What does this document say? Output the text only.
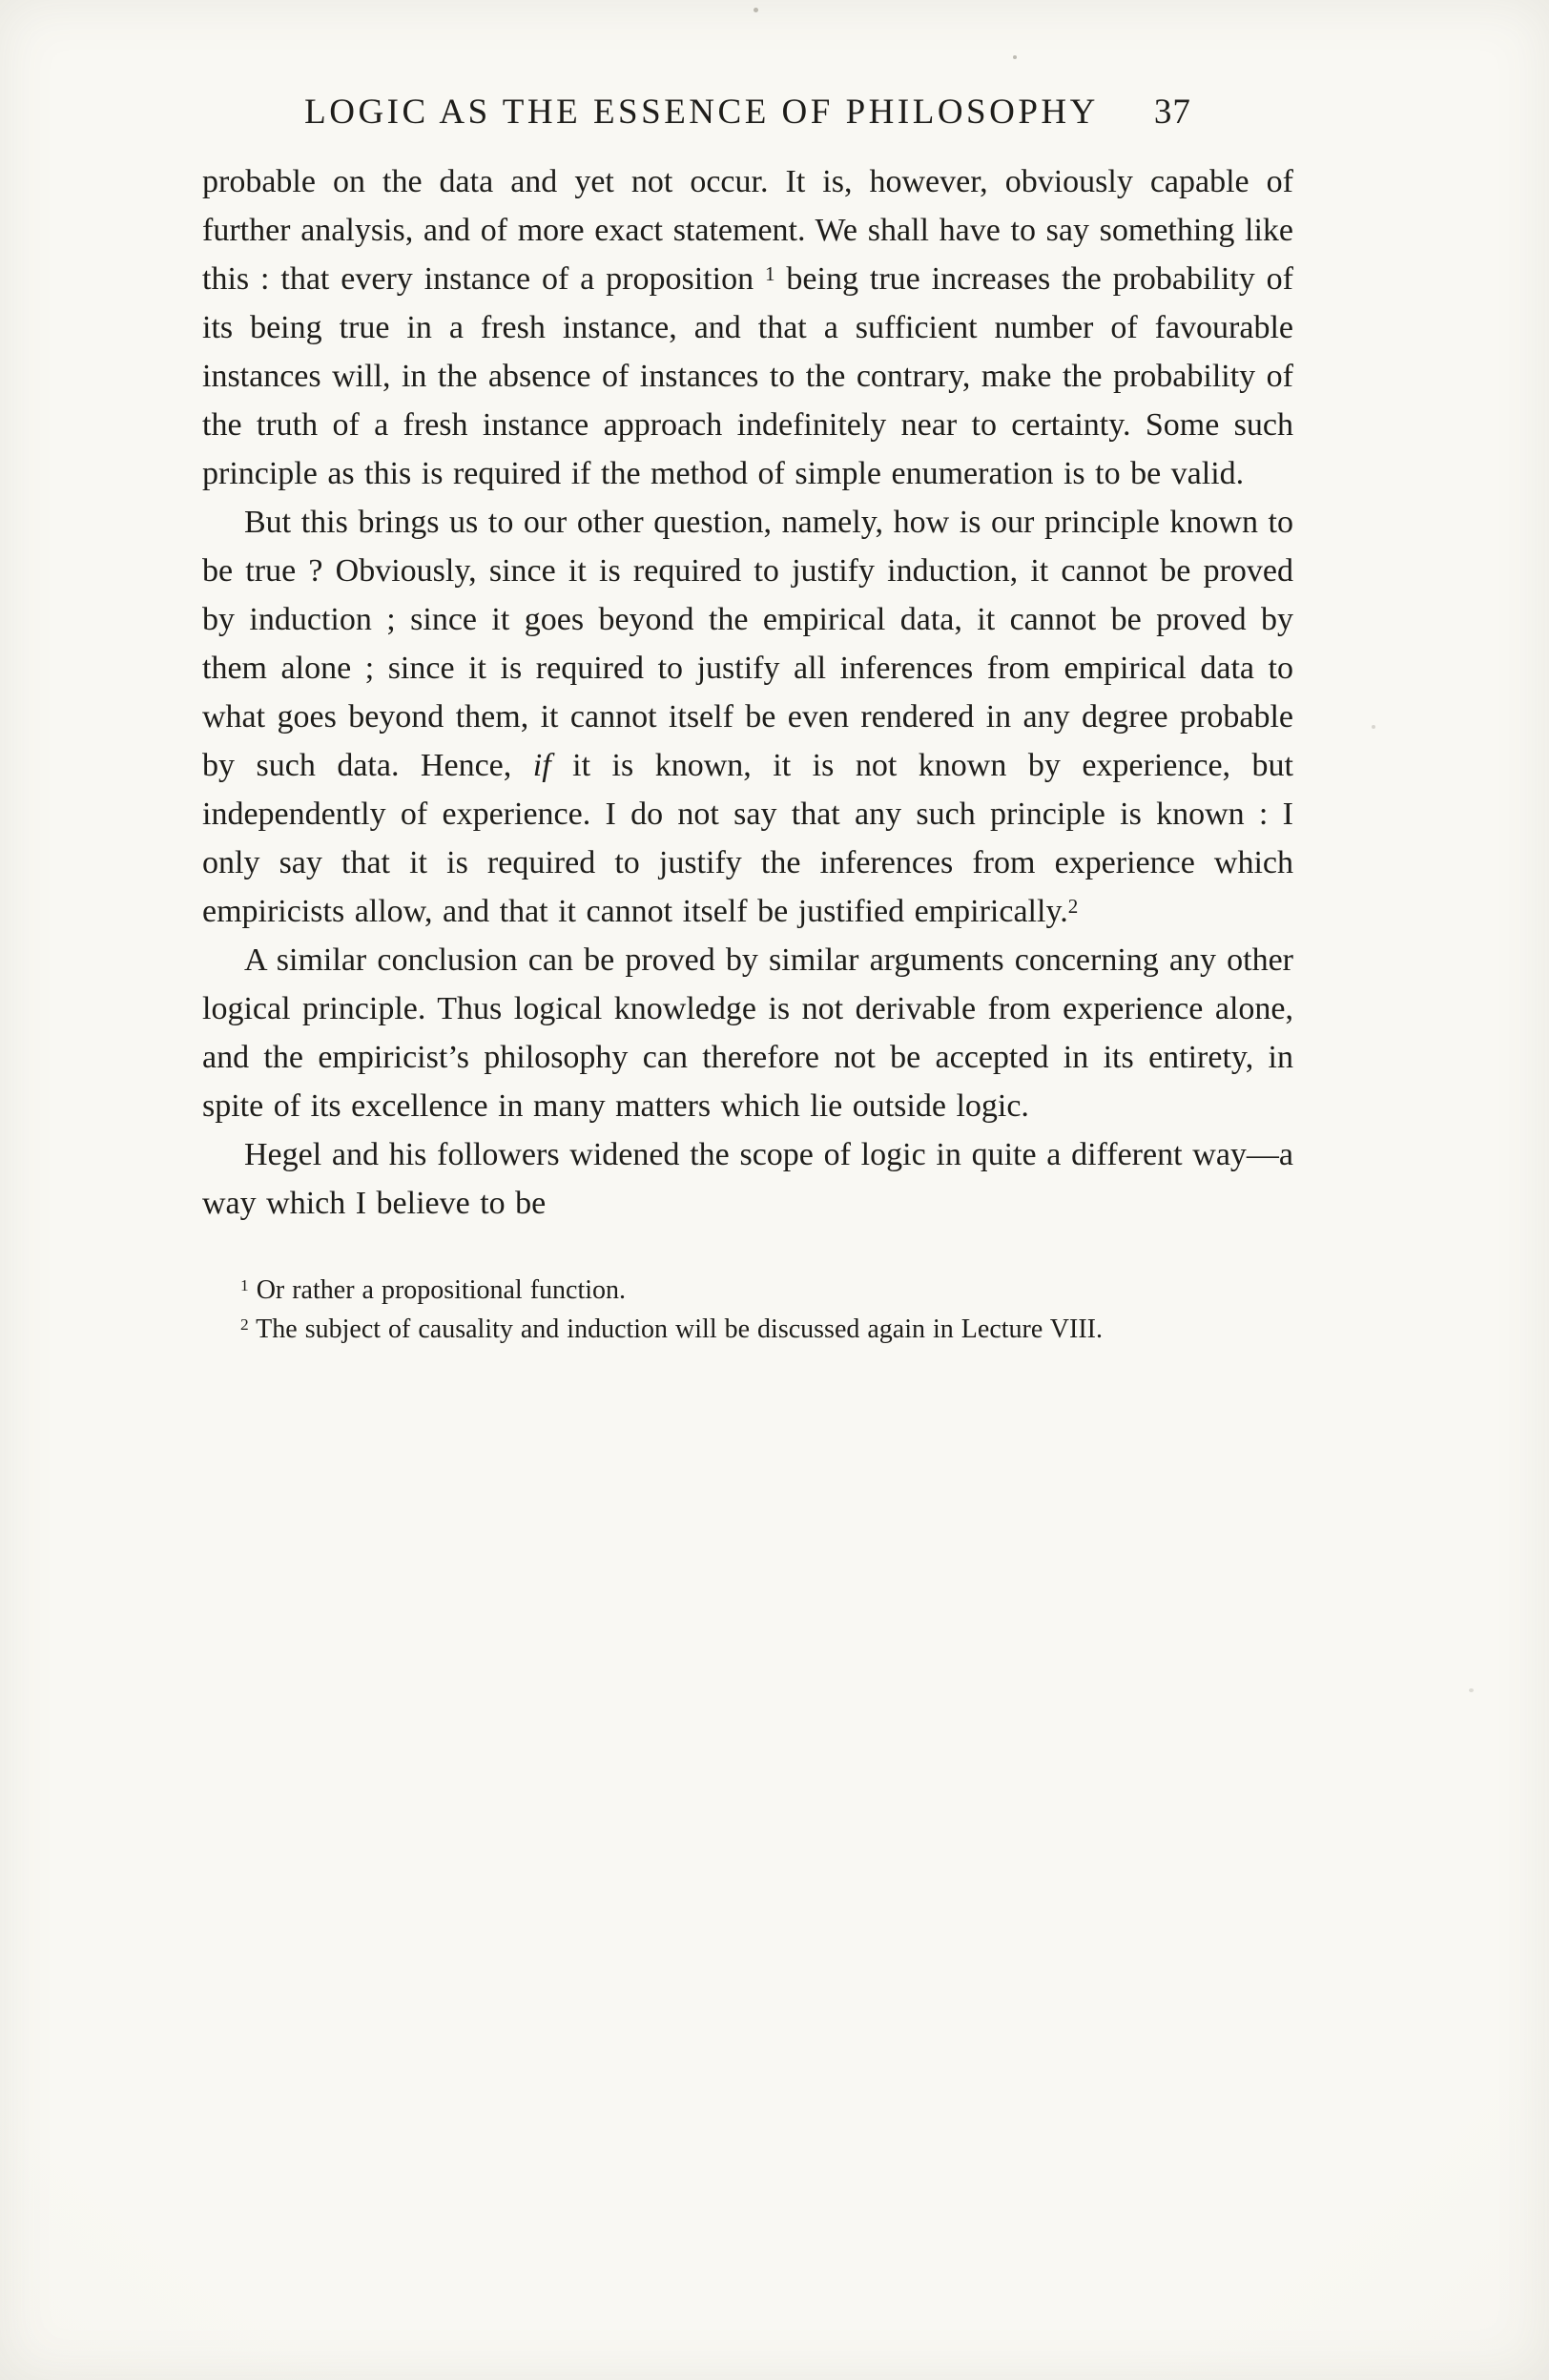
LOGIC AS THE ESSENCE OF PHILOSOPHY 37

probable on the data and yet not occur. It is, however, obviously capable of further analysis, and of more exact statement. We shall have to say something like this : that every instance of a proposition $^1$ being true increases the probability of its being true in a fresh instance, and that a sufficient number of favourable instances will, in the absence of instances to the contrary, make the probability of the truth of a fresh instance approach indefinitely near to certainty. Some such principle as this is required if the method of simple enumeration is to be valid.

But this brings us to our other question, namely, how is our principle known to be true ? Obviously, since it is required to justify induction, it cannot be proved by induction ; since it goes beyond the empirical data, it cannot be proved by them alone ; since it is required to justify all inferences from empirical data to what goes beyond them, it cannot itself be even rendered in any degree probable by such data. Hence, if it is known, it is not known by experience, but independently of experience. I do not say that any such principle is known : I only say that it is required to justify the inferences from experience which empiricists allow, and that it cannot itself be justified empirically.$^2$

A similar conclusion can be proved by similar arguments concerning any other logical principle. Thus logical knowledge is not derivable from experience alone, and the empiricist’s philosophy can therefore not be accepted in its entirety, in spite of its excellence in many matters which lie outside logic.

Hegel and his followers widened the scope of logic in quite a different way—a way which I believe to be

$^1$ Or rather a propositional function.

$^2$ The subject of causality and induction will be discussed again in Lecture VIII.
